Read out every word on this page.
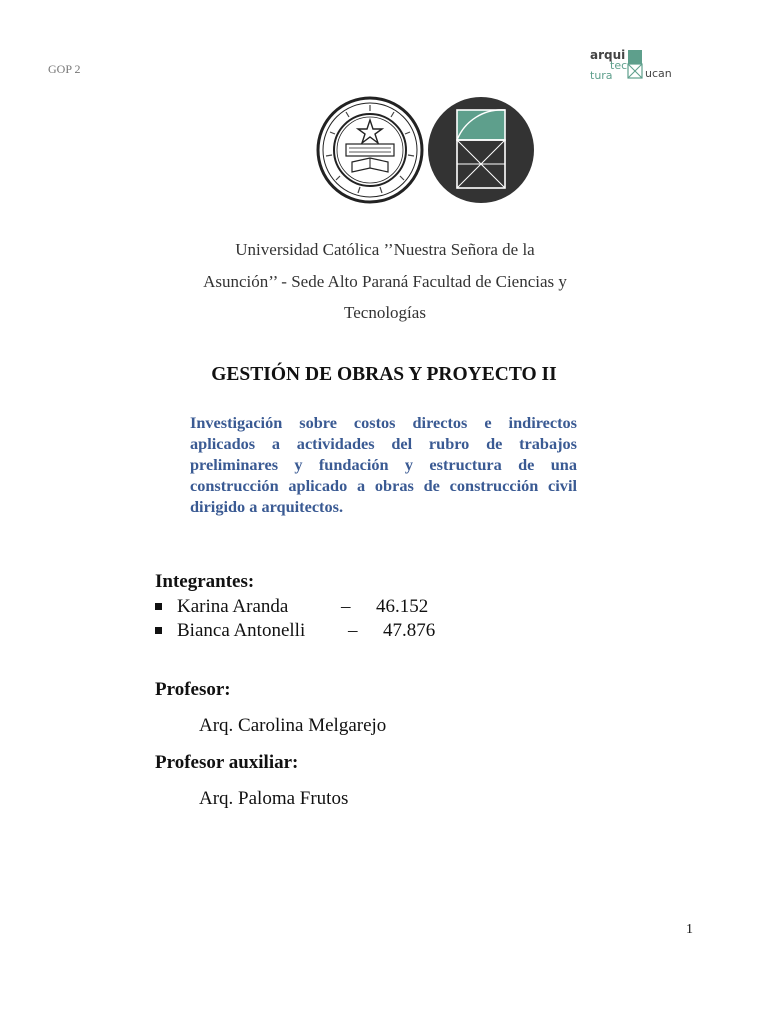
GOP 2
arqui
tec
tura	ucan
Universidad Católica ’’Nuestra Señora de la
Asunción’’ - Sede Alto Paraná Facultad de Ciencias y
Tecnologías
GESTIÓN DE OBRAS Y PROYECTO II
Investigación sobre costos directos e indirectos aplicados a actividades del rubro de trabajos preliminares y fundación y estructura de una construcción aplicado a obras de construcción civil dirigido a arquitectos.
Integrantes:
Karina Aranda	– 46.152
Bianca Antonelli – 47.876
Profesor:
Arq. Carolina Melgarejo
Profesor auxiliar:
Arq. Paloma Frutos
1
